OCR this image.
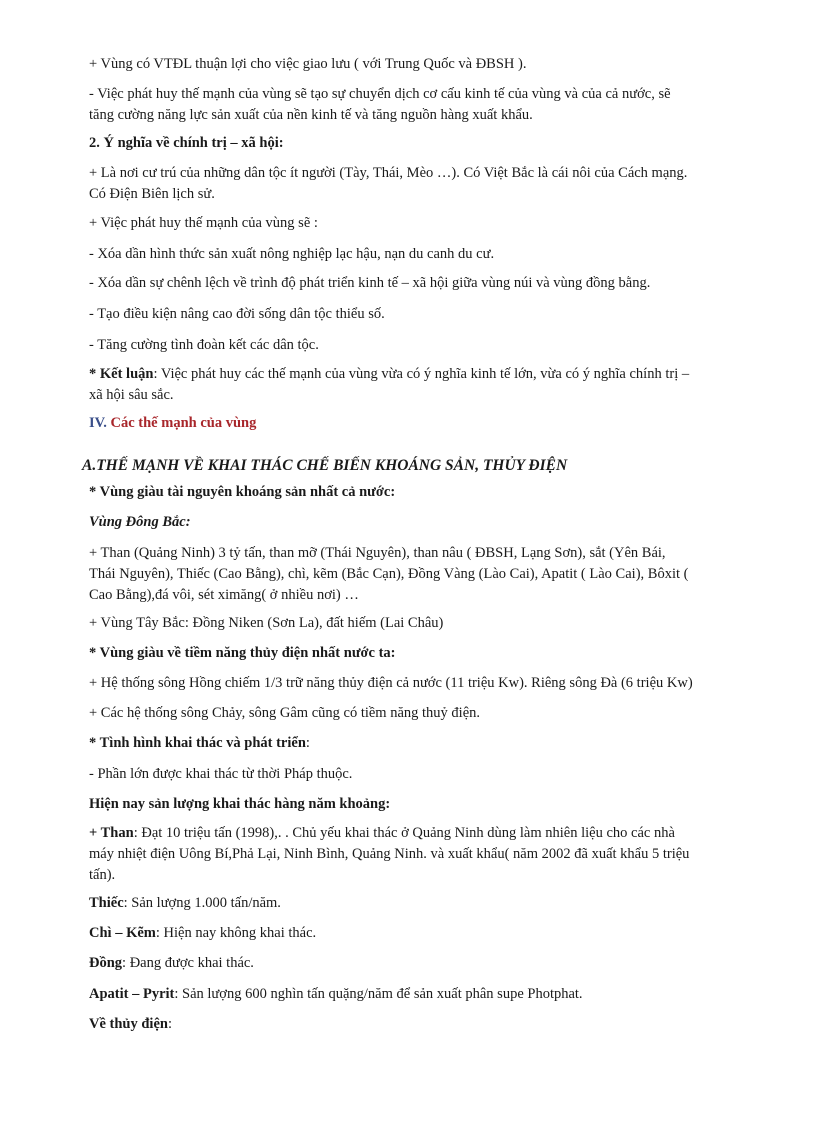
+ Vùng có VTĐL thuận lợi cho việc giao lưu ( với Trung Quốc và ĐBSH ).

- Việc phát huy thế mạnh của vùng sẽ tạo sự chuyển dịch cơ cấu kinh tế của vùng và của cả nước, sẽ
tăng cường năng lực sản xuất của nền kinh tế và tăng nguồn hàng xuất khẩu.

2. Ý nghĩa về chính trị – xã hội:

+ Là nơi cư trú của những dân tộc ít người (Tày, Thái, Mèo …). Có Việt Bắc là cái nôi của Cách mạng.
Có Điện Biên lịch sử.

+ Việc phát huy thế mạnh của vùng sẽ :

- Xóa dần hình thức sản xuất nông nghiệp lạc hậu, nạn du canh du cư.

- Xóa dần sự chênh lệch về trình độ phát triển kinh tế – xã hội giữa vùng núi và vùng đồng bằng.

- Tạo điều kiện nâng cao đời sống dân tộc thiểu số.

- Tăng cường tình đoàn kết các dân tộc.

* Kết luận: Việc phát huy các thế mạnh của vùng vừa có ý nghĩa kinh tế lớn, vừa có ý nghĩa chính trị –
xã hội sâu sắc.

IV. Các thế mạnh của vùng

A.THẾ MẠNH VỀ KHAI THÁC CHẾ BIẾN KHOÁNG SẢN, THỦY ĐIỆN

* Vùng giàu tài nguyên khoáng sản nhất cả nước:

Vùng Đông Bắc:

+ Than (Quảng Ninh) 3 tỷ tấn, than mỡ (Thái Nguyên), than nâu ( ĐBSH, Lạng Sơn), sắt (Yên Bái,
Thái Nguyên), Thiếc (Cao Bằng), chì, kẽm (Bắc Cạn), Đồng Vàng (Lào Cai), Apatit ( Lào Cai), Bôxit (
Cao Bằng),đá vôi, sét ximăng( ở nhiều nơi) …

+ Vùng Tây Bắc: Đồng Niken (Sơn La), đất hiếm (Lai Châu)

* Vùng giàu về tiềm năng thủy điện nhất nước ta:

+ Hệ thống sông Hồng chiếm 1/3 trữ năng thủy điện cả nước (11 triệu Kw). Riêng sông Đà (6 triệu Kw)

+ Các hệ thống sông Chảy, sông Gâm cũng có tiềm năng thuỷ điện.

* Tình hình khai thác và phát triển:

- Phần lớn được khai thác từ thời Pháp thuộc.

Hiện nay sản lượng khai thác hàng năm khoảng:

+ Than: Đạt 10 triệu tấn (1998),. . Chủ yếu khai thác ở Quảng Ninh dùng làm nhiên liệu cho các nhà
máy nhiệt điện Uông Bí,Phả Lại, Ninh Bình, Quảng Ninh. và xuất khẩu( năm 2002 đã xuất khẩu 5 triệu
tấn).

Thiếc: Sản lượng 1.000 tấn/năm.

Chì – Kẽm: Hiện nay không khai thác.

Đồng: Đang được khai thác.

Apatit – Pyrit: Sản lượng 600 nghìn tấn quặng/năm để sản xuất phân supe Photphat.

Về thủy điện:
